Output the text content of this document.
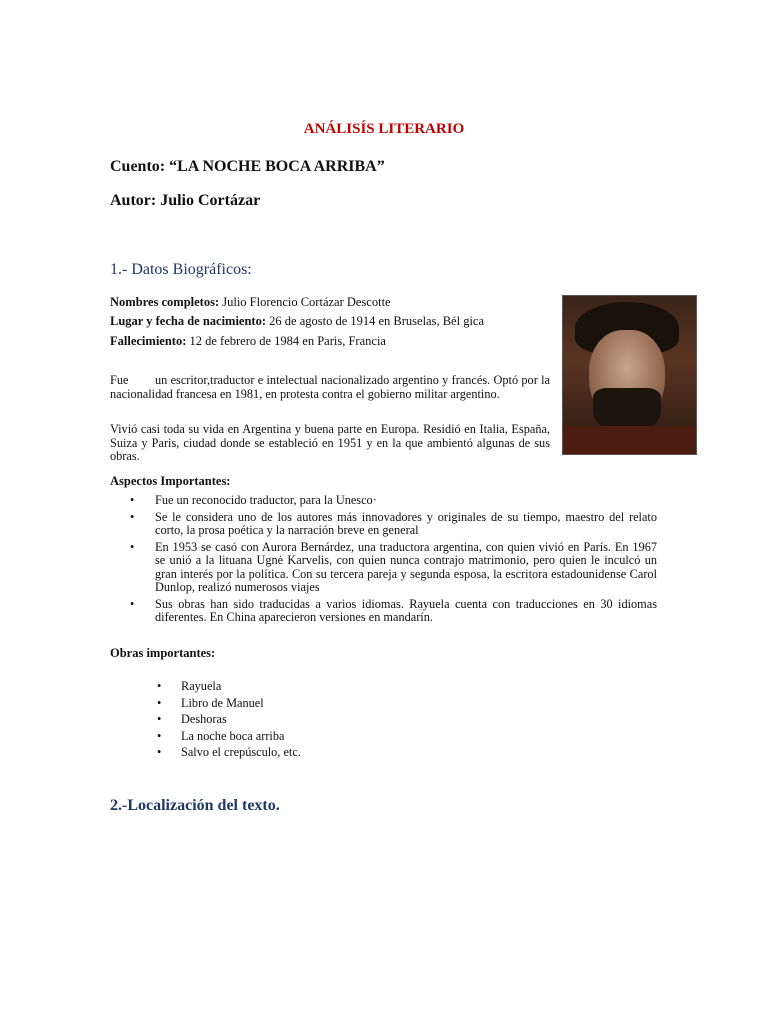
ANÁLISÍS LITERARIO
Cuento: “LA NOCHE BOCA ARRIBA”
Autor: Julio Cortázar
1.- Datos Biográficos:
Nombres completos: Julio Florencio Cortázar Descotte
Lugar y fecha de nacimiento: 26 de agosto de 1914 en Bruselas, Bél gica
Fallecimiento: 12 de febrero de 1984 en Paris, Francia
Fue        un escritor,traductor e intelectual nacionalizado argentino y francés. Optó por la nacionalidad francesa en 1981, en protesta contra el gobierno militar argentino.
Vivió casi toda su vida en Argentina y buena parte en Europa. Residió en Italia, España, Suiza y Paris, ciudad donde se estableció en 1951 y en la que ambientó algunas de sus obras.
Aspectos Importantes:
• Fue un reconocido traductor, para la Unesco·
• Se le considera uno de los autores más innovadores y originales de su tiempo, maestro del relato corto, la prosa poética y la narración breve en general
• En 1953 se casó con Aurora Bernárdez, una traductora argentina, con quien vivió en París. En 1967 se unió a la lituana Ugnė Karvelis, con quien nunca contrajo matrimonio, pero quien le inculcó un gran interés por la política. Con su tercera pareja y segunda esposa, la escritora estadounidense Carol Dunlop, realizó numerosos viajes
• Sus obras han sido traducidas a varios idiomas. Rayuela cuenta con traducciones en 30 idiomas diferentes. En China aparecieron versiones en mandarín.
Obras importantes:
• Rayuela
• Libro de Manuel
• Deshoras
• La noche boca arriba
• Salvo el crepúsculo, etc.
2.-Localización del texto.
